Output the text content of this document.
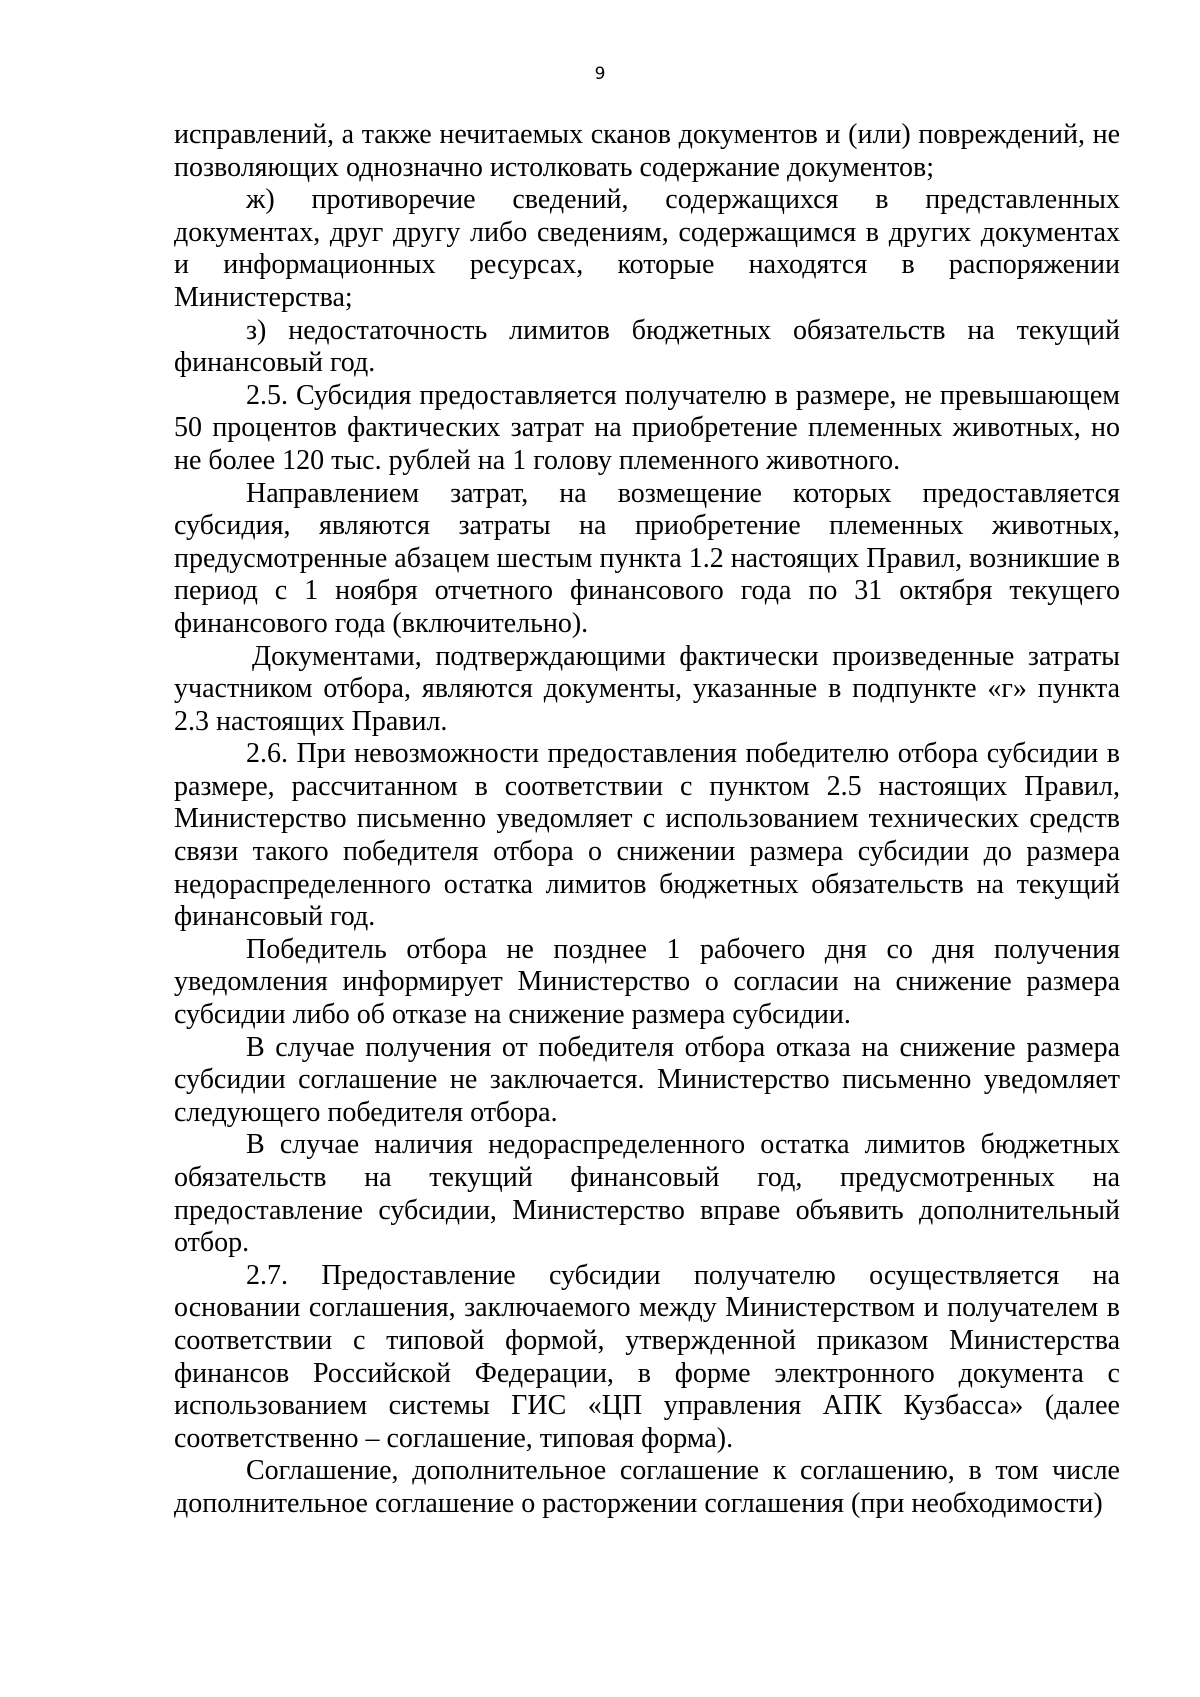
9

исправлений, а также нечитаемых сканов документов и (или) повреждений, не позволяющих однозначно истолковать содержание документов;

ж) противоречие сведений, содержащихся в представленных документах, друг другу либо сведениям, содержащимся в других документах и информационных ресурсах, которые находятся в распоряжении Министерства;

з) недостаточность лимитов бюджетных обязательств на текущий финансовый год.

2.5. Субсидия предоставляется получателю в размере, не превышающем 50 процентов фактических затрат на приобретение племенных животных, но не более 120 тыс. рублей на 1 голову племенного животного.

Направлением затрат, на возмещение которых предоставляется субсидия, являются затраты на приобретение племенных животных, предусмотренные абзацем шестым пункта 1.2 настоящих Правил, возникшие в период с 1 ноября отчетного финансового года по 31 октября текущего финансового года (включительно).

Документами, подтверждающими фактически произведенные затраты участником отбора, являются документы, указанные в подпункте «г» пункта 2.3 настоящих Правил.

2.6. При невозможности предоставления победителю отбора субсидии в размере, рассчитанном в соответствии с пунктом 2.5 настоящих Правил, Министерство письменно уведомляет с использованием технических средств связи такого победителя отбора о снижении размера субсидии до размера недораспределенного остатка лимитов бюджетных обязательств на текущий финансовый год.

Победитель отбора не позднее 1 рабочего дня со дня получения уведомления информирует Министерство о согласии на снижение размера субсидии либо об отказе на снижение размера субсидии.

В случае получения от победителя отбора отказа на снижение размера субсидии соглашение не заключается. Министерство письменно уведомляет следующего победителя отбора.

В случае наличия недораспределенного остатка лимитов бюджетных обязательств на текущий финансовый год, предусмотренных на предоставление субсидии, Министерство вправе объявить дополнительный отбор.

2.7. Предоставление субсидии получателю осуществляется на основании соглашения, заключаемого между Министерством и получателем в соответствии с типовой формой, утвержденной приказом Министерства финансов Российской Федерации, в форме электронного документа с использованием системы ГИС «ЦП управления АПК Кузбасса» (далее соответственно – соглашение, типовая форма).

Соглашение, дополнительное соглашение к соглашению, в том числе дополнительное соглашение о расторжении соглашения (при необходимости)
